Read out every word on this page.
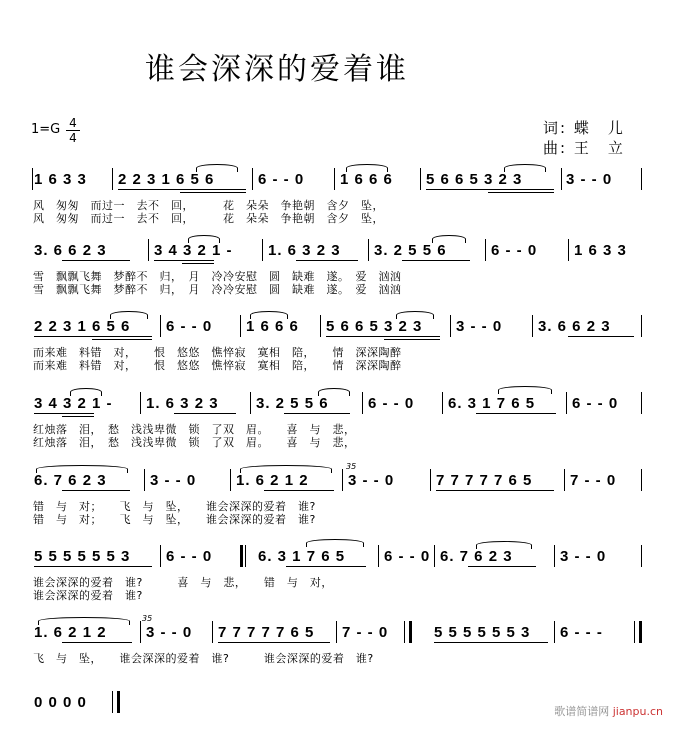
谁会深深的爱着谁
1=G 4
4
词: 蝶　儿
曲: 王　立
1 6 3 3 2 2 3 1 6 5 6	6 - - 0 1 6 6 6 5 6 6 5 3 2 3	3 - - 0
风　匆匆　而过一　去不　回，　　　花　朵朵　争艳朝　含夕　坠，
风　匆匆　而过一　去不　回，　　　花　朵朵　争艳朝　含夕　坠，
3. 6 6 2 3	3 4 3 2 1 - 1. 6 3 2 3 3. 2 5 5 6	6 - - 0 1 6 3 3
雪　飘飘飞舞　梦醉不　归，　月　冷冷安慰　圆　缺难　遂。　爱　汹汹
雪　飘飘飞舞　梦醉不　归，　月　冷冷安慰　圆　缺难　遂。　爱　汹汹
2 2 3 1 6 5 6 6 - - 0 1 6 6 6 5 6 6 5 3 2 3 3 - - 0 3. 6 6 2 3
而来难　料错　对，　　恨　悠悠　憔悴寂　寞相　陪，　　情　深深陶醉
而来难　料错　对，　　恨　悠悠　憔悴寂　寞相　陪，　　情　深深陶醉
3 4 3 2 1 - 1. 6 3 2 3 3. 2 5 5 6	6 - - 0 6. 3 1 7 6 5 6 - - 0
红烛落　泪，　愁　浅浅卑微　锁　了双　眉。　　喜　与　悲，
红烛落　泪，　愁　浅浅卑微　锁　了双　眉。　　喜　与　悲，
6. 7 6 2 3	3 - - 0	1. 6 2 1 2
35
3 - - 0	7 7 7 7 7 6 5	7 - - 0
错　与　对；　　飞　与　坠，　　谁会深深的爱着　谁?
错　与　对；　　飞　与　坠，　　谁会深深的爱着　谁?
5 5 5 5 5 5 3 6 - - 0	6. 3 1 7 6 5	6 - - 0 6. 7 6 2 3	3 - - 0
谁会深深的爱着　谁?　　　喜　与　悲，　　错　与　对，
谁会深深的爱着　谁?
1. 6 2 1 2
35
3 - - 0 7 7 7 7 7 6 5 7 - - 0	5 5 5 5 5 5 3 6 - - -
飞　与　坠，　　谁会深深的爱着　谁?　　　谁会深深的爱着　谁?
0 0 0 0
歌谱简谱网 jianpu.cn
